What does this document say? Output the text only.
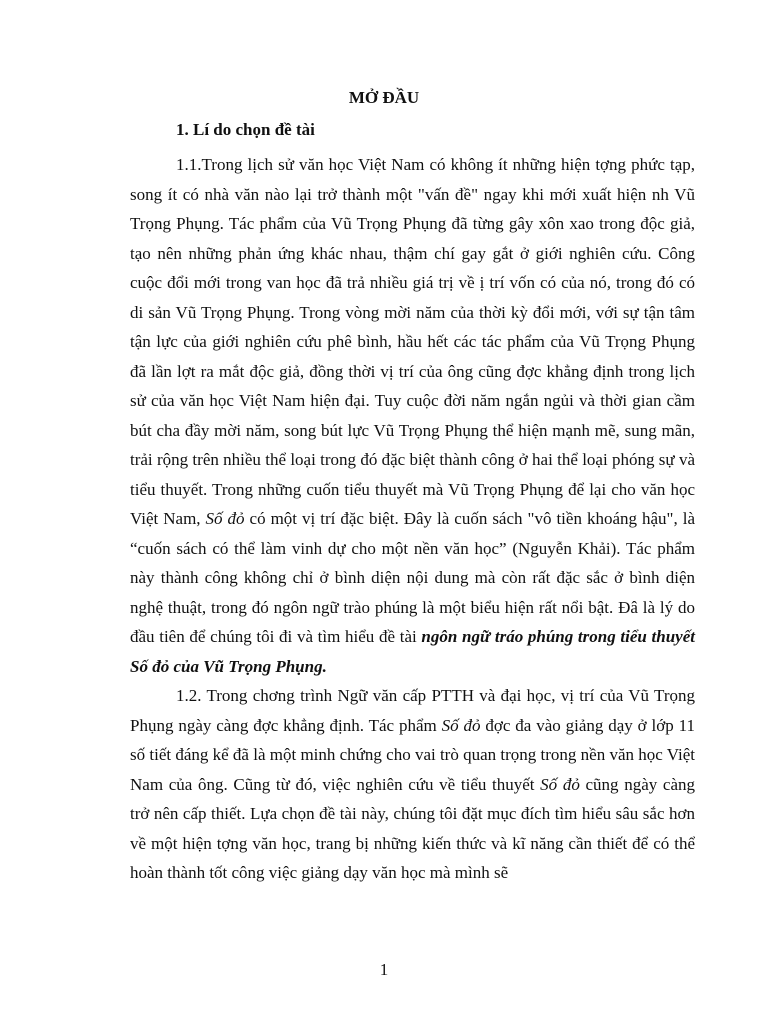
MỞ ĐẦU
1. Lí do chọn đề tài

1.1.Trong lịch sử văn học Việt Nam có không ít những hiện tợng phức tạp, song ít có nhà văn nào lại trở thành một "vấn đề" ngay khi mới xuất hiện nh Vũ Trọng Phụng. Tác phẩm của Vũ Trọng Phụng đã từng gây xôn xao trong độc giả, tạo nên những phản ứng khác nhau, thậm chí gay gắt ở giới nghiên cứu. Công cuộc đổi mới trong van học đã trả nhiều giá trị về ị trí vốn có của nó, trong đó có di sản Vũ Trọng Phụng. Trong vòng mời năm của thời kỳ đổi mới, với sự tận tâm tận lực của giới nghiên cứu phê bình, hầu hết các tác phẩm của Vũ Trọng Phụng đã lần lợt ra mắt độc giả, đồng thời vị trí của ông cũng đợc khẳng định trong lịch sử của văn học Việt Nam hiện đại. Tuy cuộc đời năm ngắn ngủi và thời gian cầm bút cha đầy mời năm, song bút lực Vũ Trọng Phụng thể hiện mạnh mẽ, sung mãn, trải rộng trên nhiều thể loại trong đó đặc biệt thành công ở hai thể loại phóng sự và tiểu thuyết. Trong những cuốn tiểu thuyết mà Vũ Trọng Phụng để lại cho văn học Việt Nam, Số đỏ có một vị trí đặc biệt. Đây là cuốn sách "vô tiền khoáng hậu", là “cuốn sách có thể làm vinh dự cho một nền văn học” (Nguyễn Khải). Tác phẩm này thành công không chỉ ở bình diện nội dung mà còn rất đặc sắc ở bình diện nghệ thuật, trong đó ngôn ngữ trào phúng là một biểu hiện rất nổi bật. Đâ là lý do đầu tiên để chúng tôi đi và tìm hiểu đề tài ngôn ngữ tráo phúng trong tiểu thuyết Số đỏ của Vũ Trọng Phụng.

1.2. Trong chơng trình Ngữ văn cấp PTTH và đại học, vị trí của Vũ Trọng Phụng ngày càng đợc khẳng định. Tác phẩm Số đỏ đợc đa vào giảng dạy ở lớp 11 số tiết đáng kể đã là một minh chứng cho vai trò quan trọng trong nền văn học Việt Nam của ông. Cũng từ đó, việc nghiên cứu về tiểu thuyết Số đỏ cũng ngày càng trở nên cấp thiết. Lựa chọn đề tài này, chúng tôi đặt mục đích tìm hiểu sâu sắc hơn về một hiện tợng văn học, trang bị những kiến thức và kĩ năng cần thiết để có thể hoàn thành tốt công việc giảng dạy văn học mà mình sẽ

1
